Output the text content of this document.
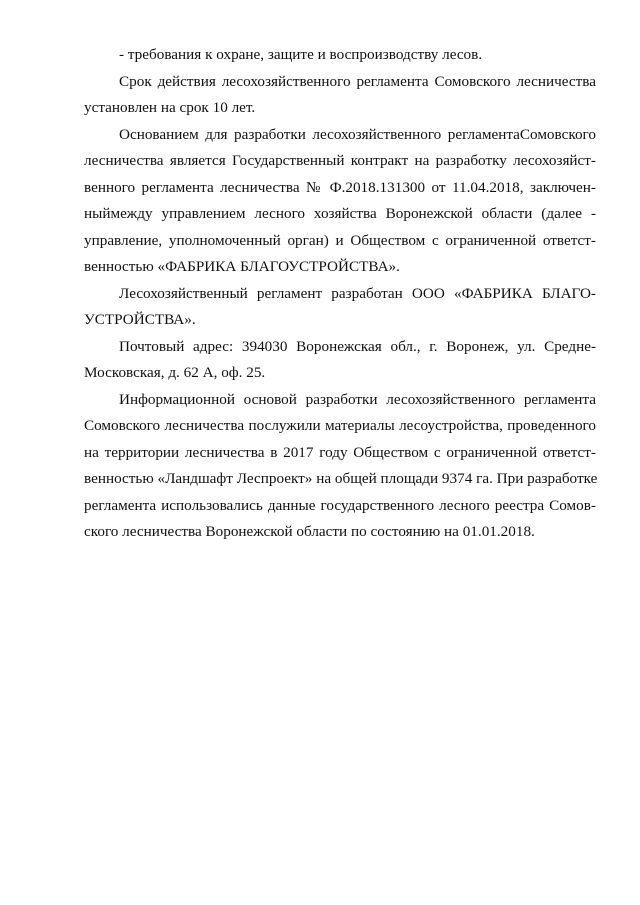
- требования к охране, защите и воспроизводству лесов.
Срок действия лесохозяйственного регламента Сомовского лесничества
установлен на срок 10 лет.
Основанием для разработки лесохозяйственного регламентаСомовского
лесничества является Государственный контракт на разработку лесохозяйст-
венного регламента лесничества № Ф.2018.131300 от 11.04.2018, заключен-
ныймежду управлением лесного хозяйства Воронежской области (далее -
управление, уполномоченный орган) и Обществом с ограниченной ответст-
венностью «ФАБРИКА БЛАГОУСТРОЙСТВА».
Лесохозяйственный регламент разработан ООО «ФАБРИКА БЛАГО-
УСТРОЙСТВА».
Почтовый адрес: 394030 Воронежская обл., г. Воронеж, ул. Средне-
Московская, д. 62 А, оф. 25.
Информационной основой разработки лесохозяйственного регламента
Сомовского лесничества послужили материалы лесоустройства, проведенного
на территории лесничества в 2017 году Обществом с ограниченной ответст-
венностью «Ландшафт Леспроект» на общей площади 9374 га. При разработке
регламента использовались данные государственного лесного реестра Сомов-
ского лесничества Воронежской области по состоянию на 01.01.2018.
